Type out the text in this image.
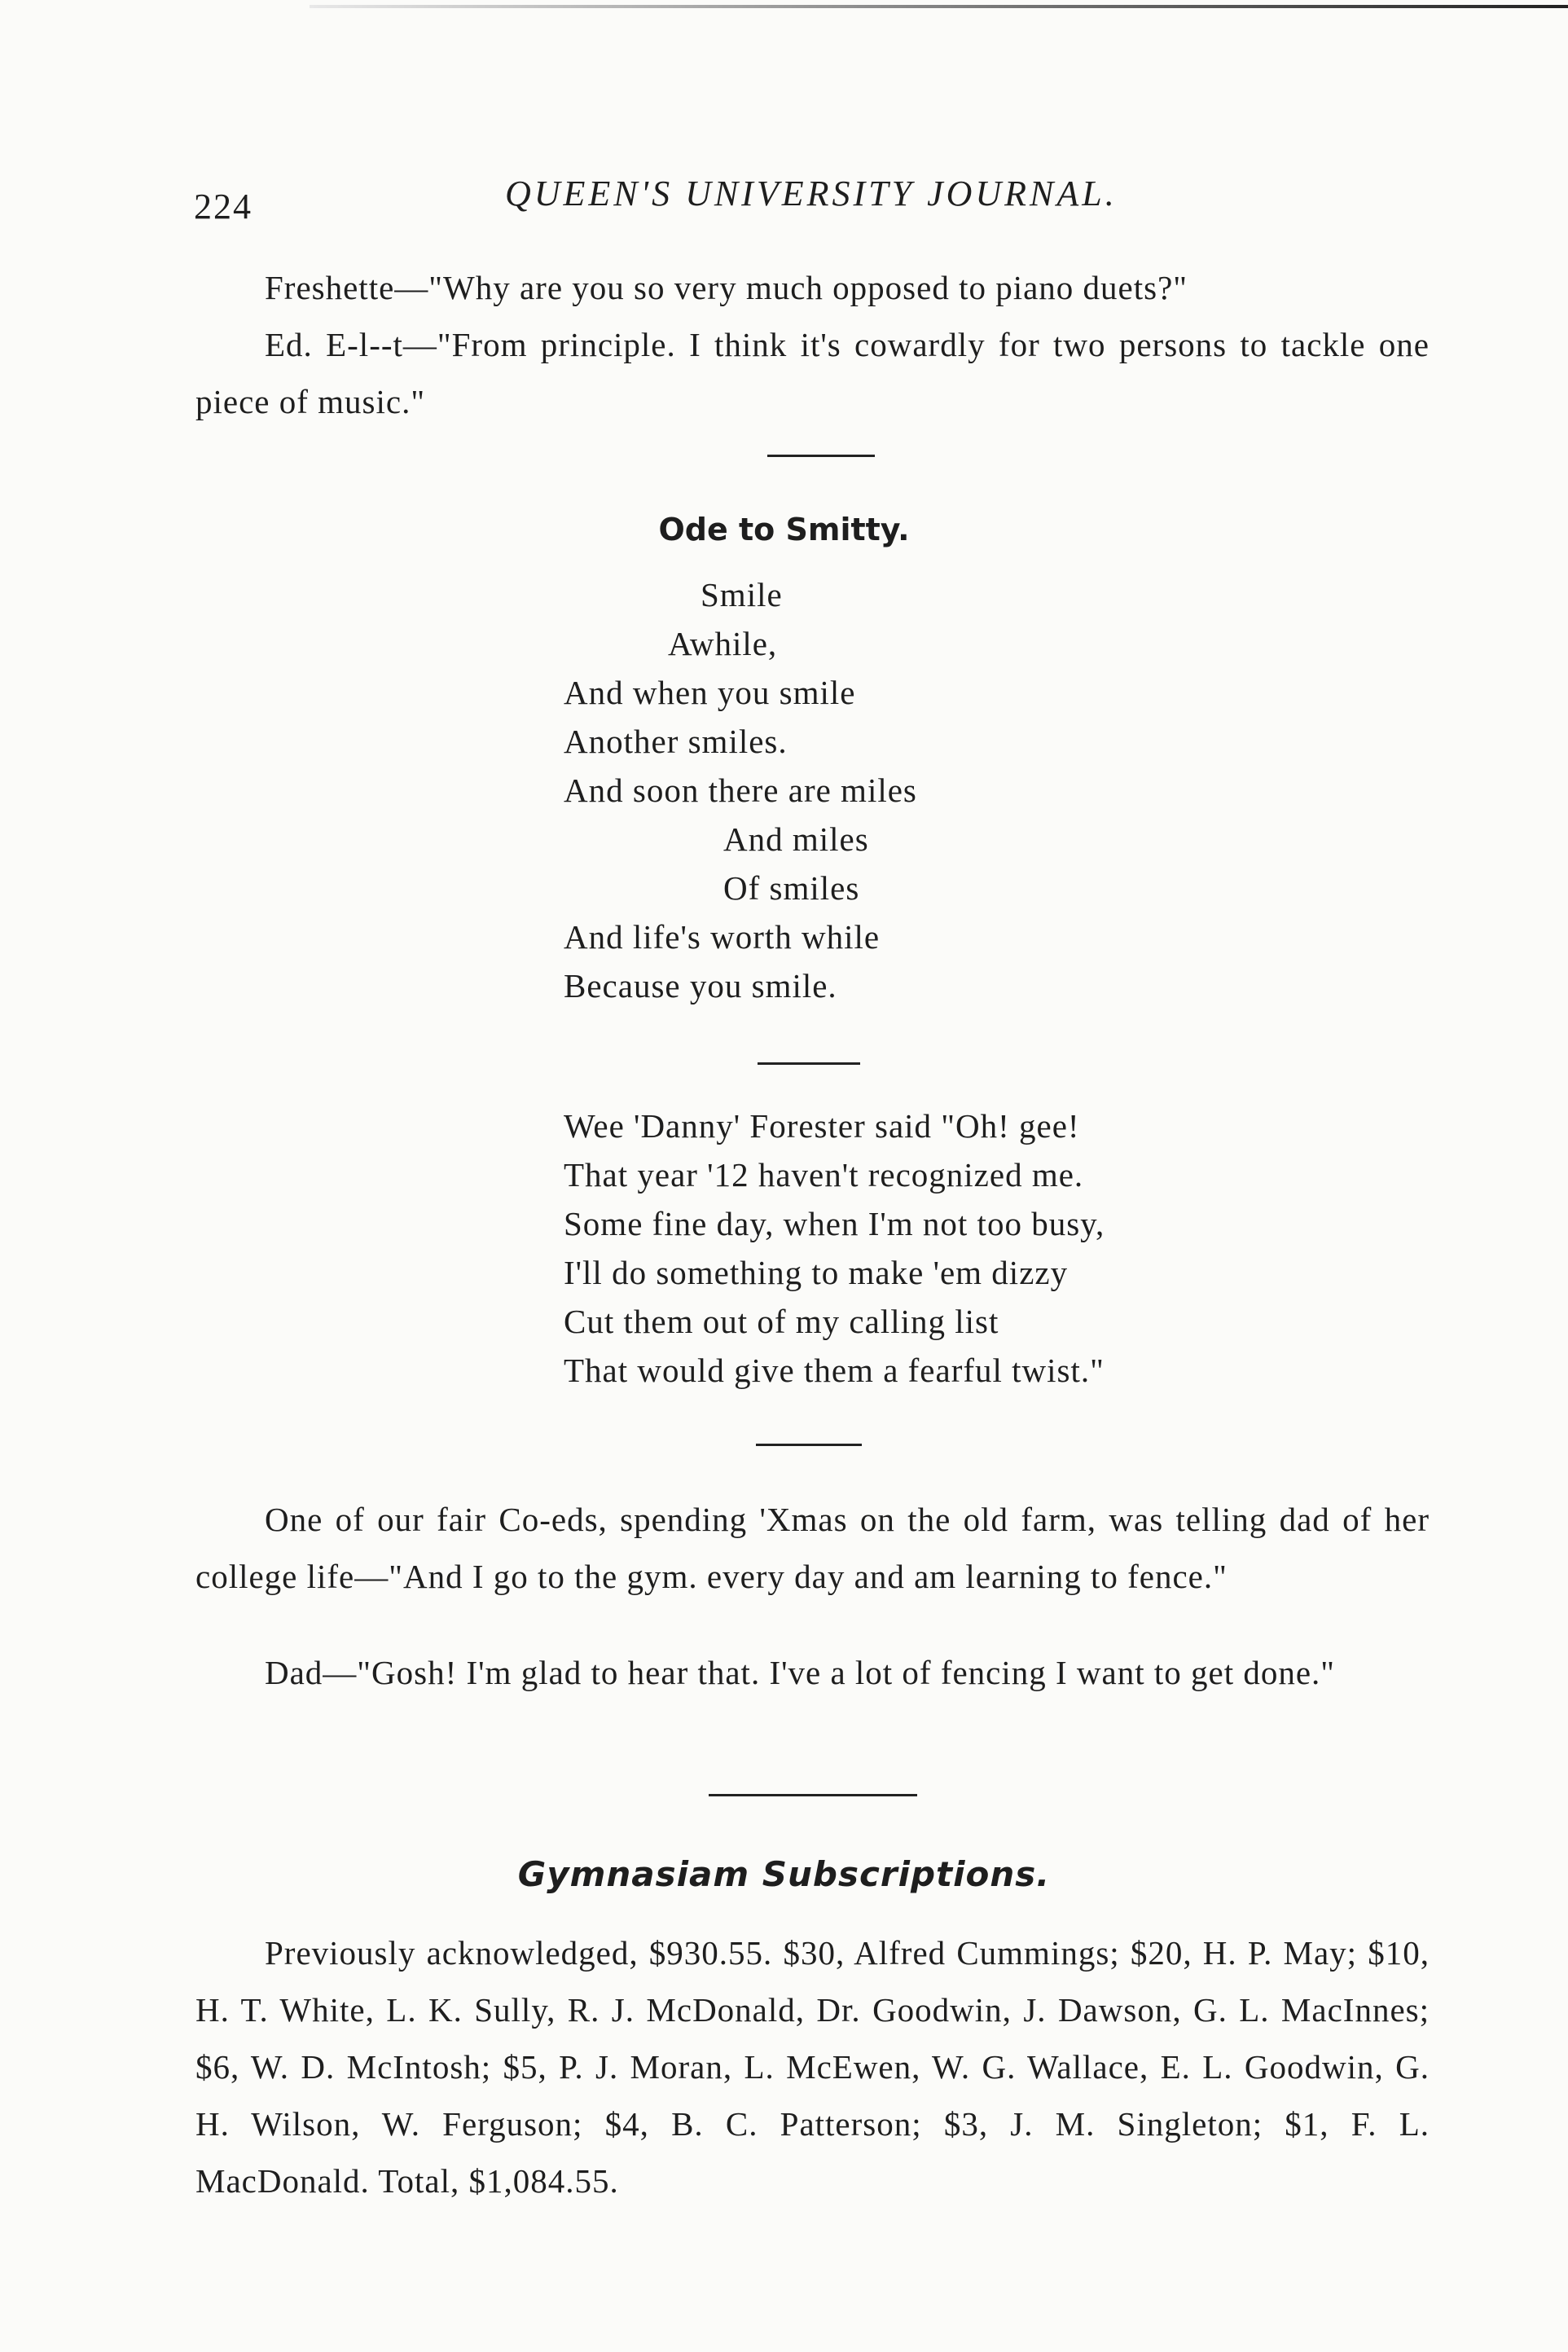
224	QUEEN'S UNIVERSITY JOURNAL.

Freshette—"Why are you so very much opposed to piano duets?"

Ed. E-l--t—"From principle. I think it's cowardly for two persons to tackle one piece of music."

Ode to Smitty.
Smile
Awhile,
And when you smile
Another smiles.
And soon there are miles
And miles
Of smiles
And life's worth while
Because you smile.
Wee 'Danny' Forester said "Oh! gee!
That year '12 haven't recognized me.
Some fine day, when I'm not too busy,
I'll do something to make 'em dizzy
Cut them out of my calling list
That would give them a fearful twist."

One of our fair Co-eds, spending 'Xmas on the old farm, was telling dad of her college life—"And I go to the gym. every day and am learning to fence."

Dad—"Gosh! I'm glad to hear that. I've a lot of fencing I want to get done."

Gymnasiam Subscriptions.

Previously acknowledged, $930.55. $30, Alfred Cummings; $20, H. P. May; $10, H. T. White, L. K. Sully, R. J. McDonald, Dr. Goodwin, J. Dawson, G. L. MacInnes; $6, W. D. McIntosh; $5, P. J. Moran, L. McEwen, W. G. Wallace, E. L. Goodwin, G. H. Wilson, W. Ferguson; $4, B. C. Patterson; $3, J. M. Singleton; $1, F. L. MacDonald. Total, $1,084.55.
